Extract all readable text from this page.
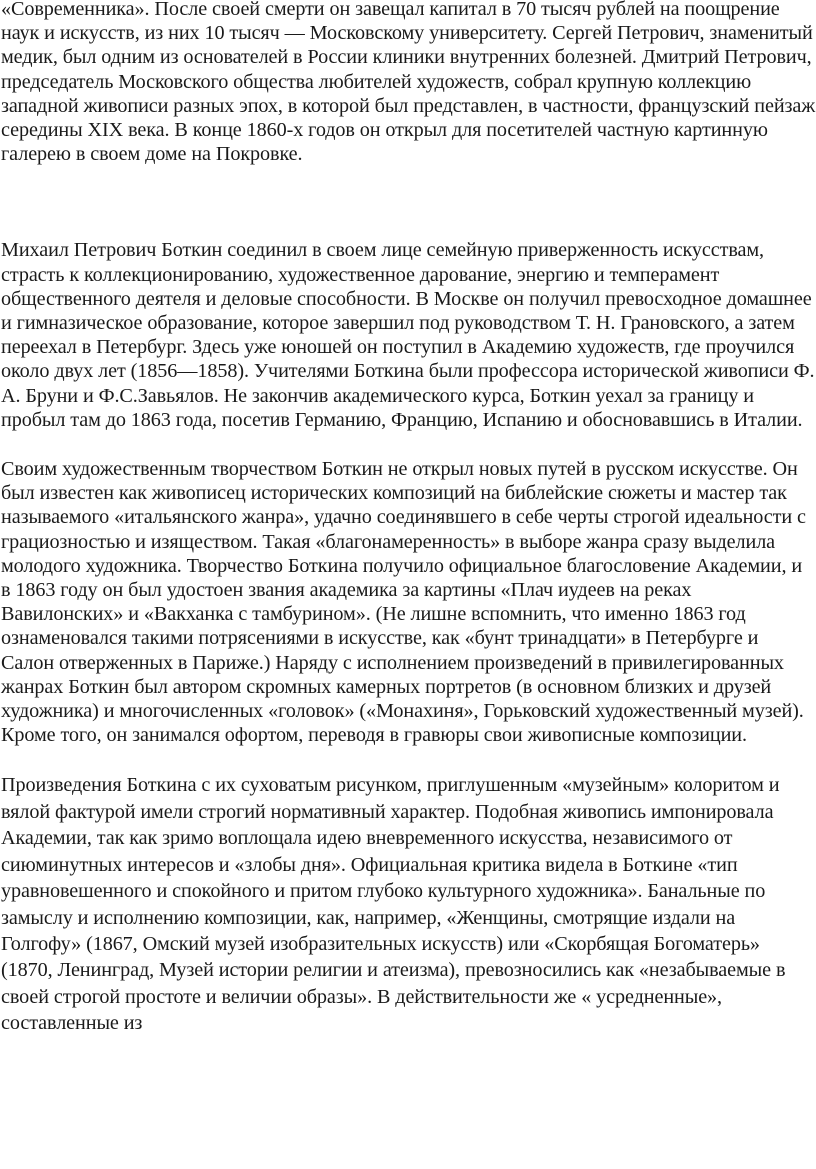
«Современника». После своей смерти он завещал капитал в 70 тысяч рублей на поощрение наук и искусств, из них 10 тысяч — Московскому университету. Сергей Петрович, знаменитый медик, был одним из основателей в России клиники внутренних болезней. Дмитрий Петрович, председатель Московского общества любителей художеств, собрал крупную коллекцию западной живописи разных эпох, в которой был представлен, в частности, французский пейзаж середины XIX века. В конце 1860-х годов он открыл для посетителей частную картинную галерею в своем доме на Покровке.

Михаил Петрович Боткин соединил в своем лице семейную приверженность искусствам, страсть к коллекционированию, художественное дарование, энергию и темперамент общественного деятеля и деловые способности. В Москве он получил превосходное домашнее и гимназическое образование, которое завершил под руководством Т. Н. Грановского, а затем переехал в Петербург. Здесь уже юношей он поступил в Академию художеств, где проучился около двух лет (1856—1858). Учителями Боткина были профессора исторической живописи Ф. А. Бруни и Ф.С.Завьялов. Не закончив академического курса, Боткин уехал за границу и пробыл там до 1863 года, посетив Германию, Францию, Испанию и обосновавшись в Италии.

Своим художественным творчеством Боткин не открыл новых путей в русском искусстве. Он был известен как живописец исторических композиций на библейские сюжеты и мастер так называемого «итальянского жанра», удачно соединявшего в себе черты строгой идеальности с грациозностью и изяществом. Такая «благонамеренность» в выборе жанра сразу выделила молодого художника. Творчество Боткина получило официальное благословение Академии, и в 1863 году он был удостоен звания академика за картины «Плач иудеев на реках Вавилонских» и «Вакханка с тамбурином». (Не лишне вспомнить, что именно 1863 год ознаменовался такими потрясениями в искусстве, как «бунт тринадцати» в Петербурге и Салон отверженных в Париже.) Наряду с исполнением произведений в привилегированных жанрах Боткин был автором скромных камерных портретов (в основном близких и друзей художника) и многочисленных «головок» («Монахиня», Горьковский художественный музей). Кроме того, он занимался офортом, переводя в гравюры свои живописные композиции.

Произведения Боткина с их суховатым рисунком, приглушенным «музейным» колоритом и вялой фактурой имели строгий нормативный характер. Подобная живопись импонировала Академии, так как зримо воплощала идею вневременного искусства, независимого от сиюминутных интересов и «злобы дня». Официальная критика видела в Боткине «тип уравновешенного и спокойного и притом глубоко культурного художника». Банальные по замыслу и исполнению композиции, как, например, «Женщины, смотрящие издали на Голгофу» (1867, Омский музей изобразительных искусств) или «Скорбящая Богоматерь» (1870, Ленинград, Музей истории религии и атеизма), превозносились как «незабываемые в своей строгой простоте и величии образы». В действительности же « усредненные», составленные из
